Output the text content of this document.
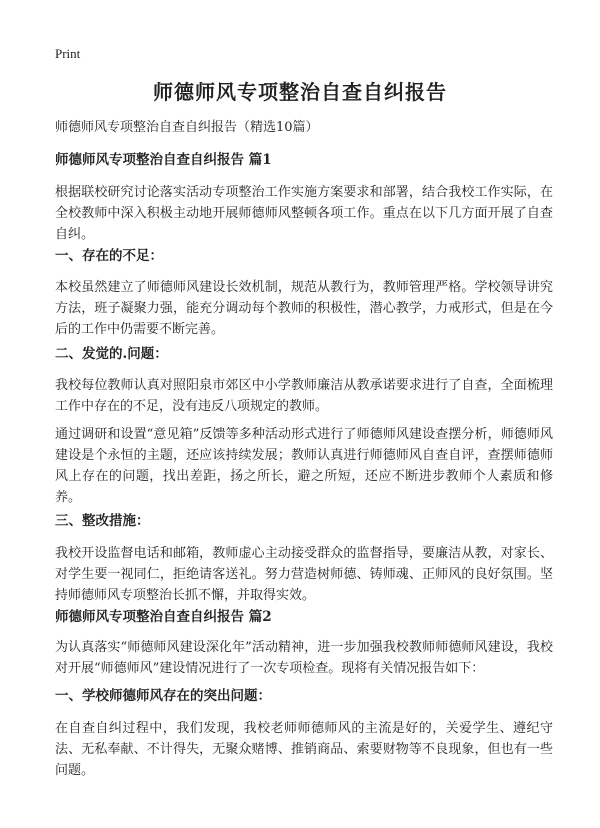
Print
师德师风专项整治自查自纠报告

师德师风专项整治自查自纠报告（精选10篇）

师德师风专项整治自查自纠报告 篇1

根据联校研究讨论落实活动专项整治工作实施方案要求和部署，结合我校工作实际，在全校教师中深入积极主动地开展师德师风整顿各项工作。重点在以下几方面开展了自查自纠。

一、存在的不足：

本校虽然建立了师德师风建设长效机制，规范从教行为，教师管理严格。学校领导讲究方法，班子凝聚力强，能充分调动每个教师的积极性，潜心教学，力戒形式，但是在今后的工作中仍需要不断完善。

二、发觉的.问题：

我校每位教师认真对照阳泉市郊区中小学教师廉洁从教承诺要求进行了自查，全面梳理工作中存在的不足，没有违反八项规定的教师。

通过调研和设置“意见箱”反馈等多种活动形式进行了师德师风建设查摆分析，师德师风建设是个永恒的主题，还应该持续发展；教师认真进行师德师风自查自评，查摆师德师风上存在的问题，找出差距，扬之所长，避之所短，还应不断进步教师个人素质和修养。

三、整改措施：

我校开设监督电话和邮箱，教师虚心主动接受群众的监督指导，要廉洁从教，对家长、对学生要一视同仁，拒绝请客送礼。努力营造树师德、铸师魂、正师风的良好氛围。坚持师德师风专项整治长抓不懈，并取得实效。

师德师风专项整治自查自纠报告 篇2

为认真落实“师德师风建设深化年”活动精神，进一步加强我校教师师德师风建设，我校对开展“师德师风”建设情况进行了一次专项检查。现将有关情况报告如下：

一、学校师德师风存在的突出问题：

在自查自纠过程中，我们发现，我校老师师德师风的主流是好的，关爱学生、遵纪守法、无私奉献、不计得失，无聚众赌博、推销商品、索要财物等不良现象，但也有一些问题。
